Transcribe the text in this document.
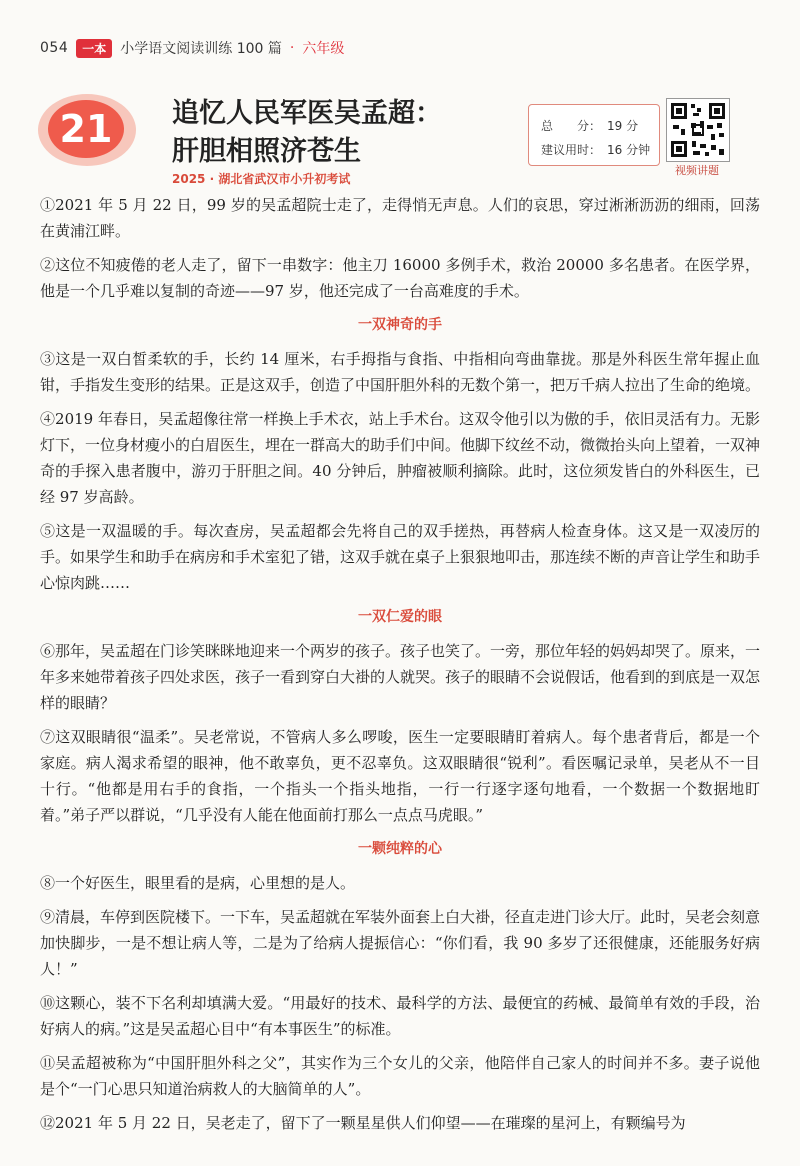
054	一本	小学语文阅读训练 100 篇 · 六年级
21	追忆人民军医吴孟超：
肝胆相照济苍生
2025 · 湖北省武汉市小升初考试
总　　分： 19 分
建议用时： 16 分钟
视频讲题

①2021 年 5 月 22 日，99 岁的吴孟超院士走了，走得悄无声息。人们的哀思，穿过淅淅沥沥的细雨，回荡在黄浦江畔。

②这位不知疲倦的老人走了，留下一串数字：他主刀 16000 多例手术，救治 20000 多名患者。在医学界，他是一个几乎难以复制的奇迹——97 岁，他还完成了一台高难度的手术。

一双神奇的手

③这是一双白皙柔软的手，长约 14 厘米，右手拇指与食指、中指相向弯曲靠拢。那是外科医生常年握止血钳，手指发生变形的结果。正是这双手，创造了中国肝胆外科的无数个第一，把万千病人拉出了生命的绝境。

④2019 年春日，吴孟超像往常一样换上手术衣，站上手术台。这双令他引以为傲的手，依旧灵活有力。无影灯下，一位身材瘦小的白眉医生，埋在一群高大的助手们中间。他脚下纹丝不动，微微抬头向上望着，一双神奇的手探入患者腹中，游刃于肝胆之间。40 分钟后，肿瘤被顺利摘除。此时，这位须发皆白的外科医生，已经 97 岁高龄。

⑤这是一双温暖的手。每次查房，吴孟超都会先将自己的双手搓热，再替病人检查身体。这又是一双凌厉的手。如果学生和助手在病房和手术室犯了错，这双手就在桌子上狠狠地叩击，那连续不断的声音让学生和助手心惊肉跳……

一双仁爱的眼

⑥那年，吴孟超在门诊笑眯眯地迎来一个两岁的孩子。孩子也笑了。一旁，那位年轻的妈妈却哭了。原来，一年多来她带着孩子四处求医，孩子一看到穿白大褂的人就哭。孩子的眼睛不会说假话，他看到的到底是一双怎样的眼睛？

⑦这双眼睛很“温柔”。吴老常说，不管病人多么啰唆，医生一定要眼睛盯着病人。每个患者背后，都是一个家庭。病人渴求希望的眼神，他不敢辜负，更不忍辜负。这双眼睛很“锐利”。看医嘱记录单，吴老从不一目十行。“他都是用右手的食指，一个指头一个指头地指，一行一行逐字逐句地看，一个数据一个数据地盯着。”弟子严以群说，“几乎没有人能在他面前打那么一点点马虎眼。”

一颗纯粹的心

⑧一个好医生，眼里看的是病，心里想的是人。

⑨清晨，车停到医院楼下。一下车，吴孟超就在军装外面套上白大褂，径直走进门诊大厅。此时，吴老会刻意加快脚步，一是不想让病人等，二是为了给病人提振信心：“你们看，我 90 多岁了还很健康，还能服务好病人！”

⑩这颗心，装不下名利却填满大爱。“用最好的技术、最科学的方法、最便宜的药械、最简单有效的手段，治好病人的病。”这是吴孟超心目中“有本事医生”的标准。

⑪吴孟超被称为“中国肝胆外科之父”，其实作为三个女儿的父亲，他陪伴自己家人的时间并不多。妻子说他是个“一门心思只知道治病救人的大脑简单的人”。

⑫2021 年 5 月 22 日，吴老走了，留下了一颗星星供人们仰望——在璀璨的星河上，有颗编号为
